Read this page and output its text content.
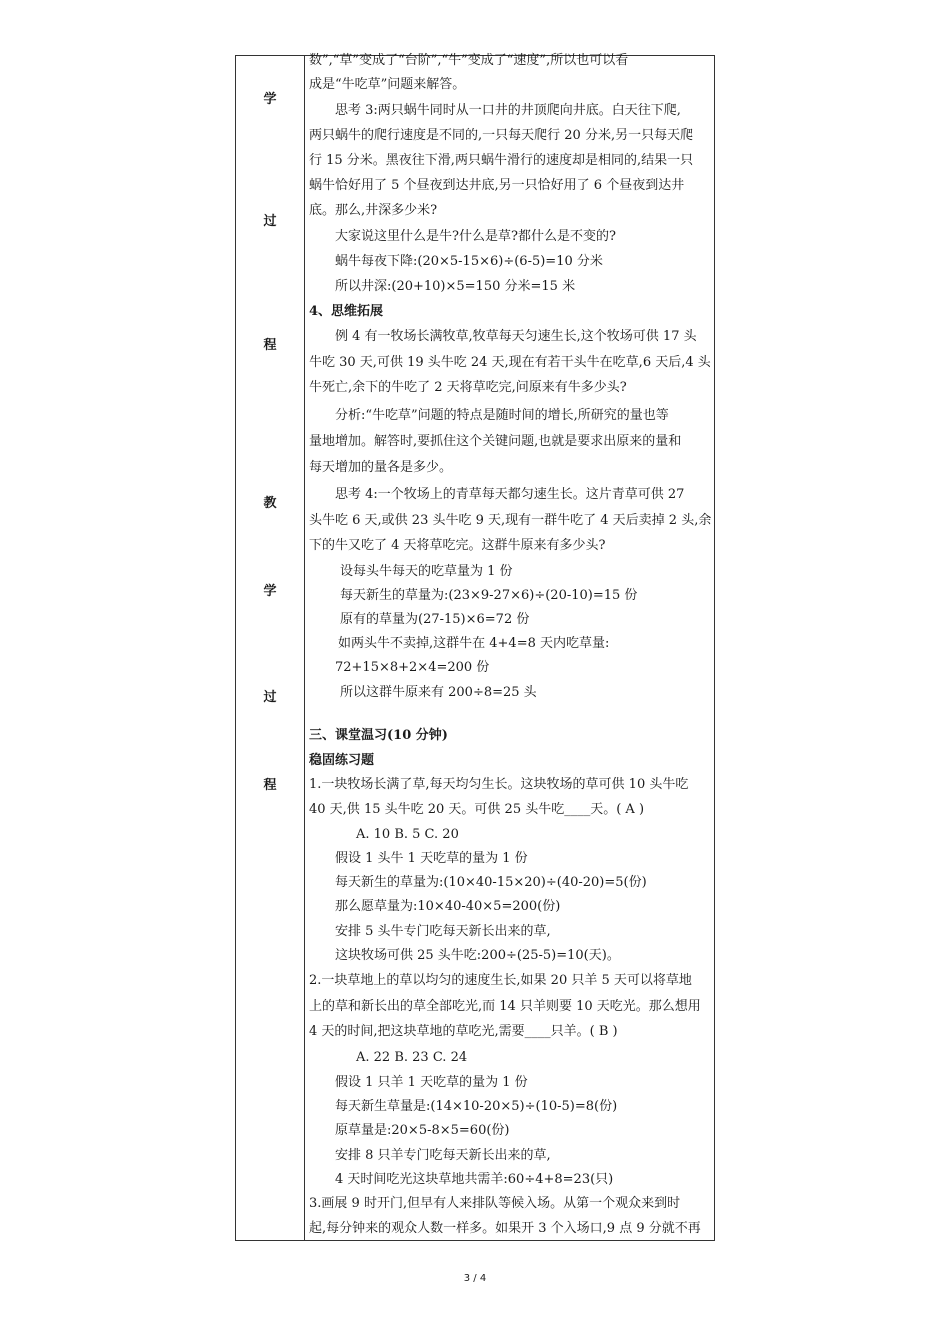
学
过
程
教
学
过
程
数”,“草”变成了“台阶”,“牛”变成了“速度”,所以也可以看
成是“牛吃草”问题来解答。
思考 3:两只蜗牛同时从一口井的井顶爬向井底。白天往下爬,
两只蜗牛的爬行速度是不同的,一只每天爬行 20 分米,另一只每天爬
行 15 分米。黑夜往下滑,两只蜗牛滑行的速度却是相同的,结果一只
蜗牛恰好用了 5 个昼夜到达井底,另一只恰好用了 6 个昼夜到达井
底。那么,井深多少米?
大家说这里什么是牛?什么是草?都什么是不变的?
蜗牛每夜下降:(20×5-15×6)÷(6-5)=10 分米
所以井深:(20+10)×5=150 分米=15 米
4、思维拓展
例 4 有一牧场长满牧草,牧草每天匀速生长,这个牧场可供 17 头
牛吃 30 天,可供 19 头牛吃 24 天,现在有若干头牛在吃草,6 天后,4 头
牛死亡,余下的牛吃了 2 天将草吃完,问原来有牛多少头?
分析:“牛吃草”问题的特点是随时间的增长,所研究的量也等
量地增加。解答时,要抓住这个关键问题,也就是要求出原来的量和
每天增加的量各是多少。
思考 4:一个牧场上的青草每天都匀速生长。这片青草可供 27
头牛吃 6 天,或供 23 头牛吃 9 天,现有一群牛吃了 4 天后卖掉 2 头,余
下的牛又吃了 4 天将草吃完。这群牛原来有多少头?
设每头牛每天的吃草量为 1 份
每天新生的草量为:(23×9-27×6)÷(20-10)=15 份
原有的草量为(27-15)×6=72 份
如两头牛不卖掉,这群牛在 4+4=8 天内吃草量:
72+15×8+2×4=200 份
所以这群牛原来有 200÷8=25 头
三、课堂温习(10 分钟)
稳固练习题
1.一块牧场长满了草,每天均匀生长。这块牧场的草可供 10 头牛吃
40 天,供 15 头牛吃 20 天。可供 25 头牛吃____天。( A )
A. 10 B. 5 C. 20
假设 1 头牛 1 天吃草的量为 1 份
每天新生的草量为:(10×40-15×20)÷(40-20)=5(份)
那么愿草量为:10×40-40×5=200(份)
安排 5 头牛专门吃每天新长出来的草,
这块牧场可供 25 头牛吃:200÷(25-5)=10(天)。
2.一块草地上的草以均匀的速度生长,如果 20 只羊 5 天可以将草地
上的草和新长出的草全部吃光,而 14 只羊则要 10 天吃光。那么想用
4 天的时间,把这块草地的草吃光,需要____只羊。( B )
A. 22 B. 23 C. 24
假设 1 只羊 1 天吃草的量为 1 份
每天新生草量是:(14×10-20×5)÷(10-5)=8(份)
原草量是:20×5-8×5=60(份)
安排 8 只羊专门吃每天新长出来的草,
4 天时间吃光这块草地共需羊:60÷4+8=23(只)
3.画展 9 时开门,但早有人来排队等候入场。从第一个观众来到时
起,每分钟来的观众人数一样多。如果开 3 个入场口,9 点 9 分就不再
3 / 4
